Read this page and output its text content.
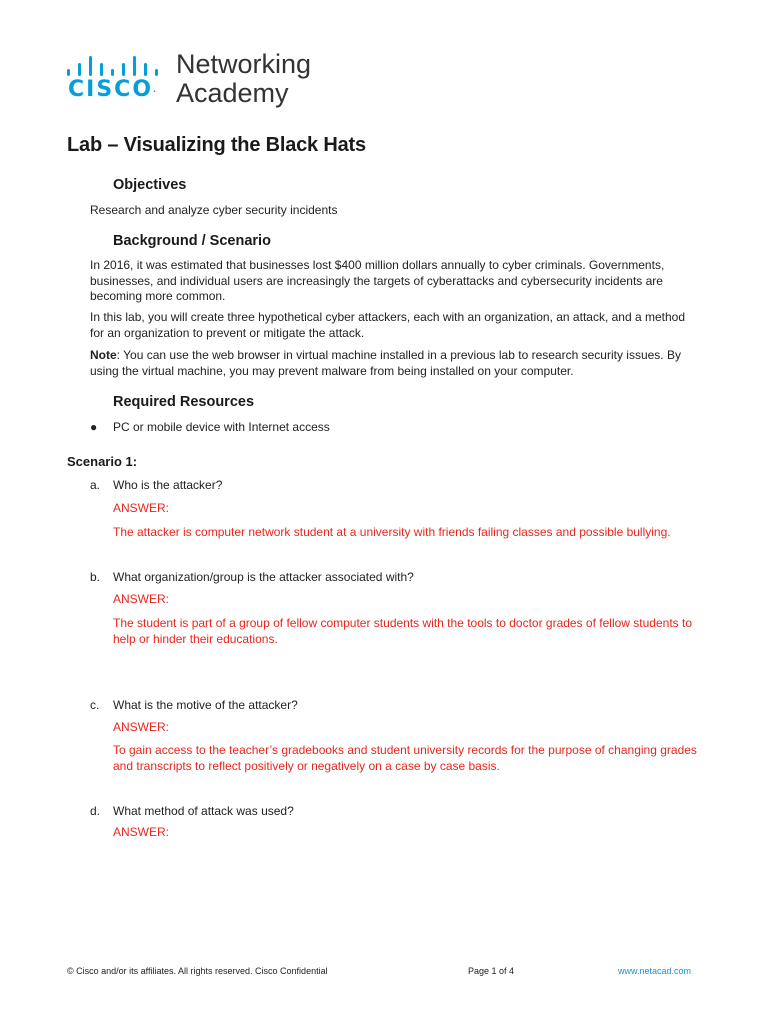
CISCO.
Networking
Academy
Lab – Visualizing the Black Hats
Objectives

Research and analyze cyber security incidents

Background / Scenario

In 2016, it was estimated that businesses lost $400 million dollars annually to cyber criminals. Governments, businesses, and individual users are increasingly the targets of cyberattacks and cybersecurity incidents are becoming more common.

In this lab, you will create three hypothetical cyber attackers, each with an organization, an attack, and a method for an organization to prevent or mitigate the attack.

Note: You can use the web browser in virtual machine installed in a previous lab to research security issues. By using the virtual machine, you may prevent malware from being installed on your computer.

Required Resources
●	PC or mobile device with Internet access
Scenario 1:
a.	Who is the attacker?
ANSWER:

The attacker is computer network student at a university with friends failing classes and possible bullying.

b.	What organization/group is the attacker associated with?
ANSWER:

The student is part of a group of fellow computer students with the tools to doctor grades of fellow students to help or hinder their educations.

c.	What is the motive of the attacker?
ANSWER:

To gain access to the teacher’s gradebooks and student university records for the purpose of changing grades and transcripts to reflect positively or negatively on a case by case basis.

d.	What method of attack was used?
ANSWER:
© Cisco and/or its affiliates. All rights reserved. Cisco Confidential	Page 1 of 4	www.netacad.com
